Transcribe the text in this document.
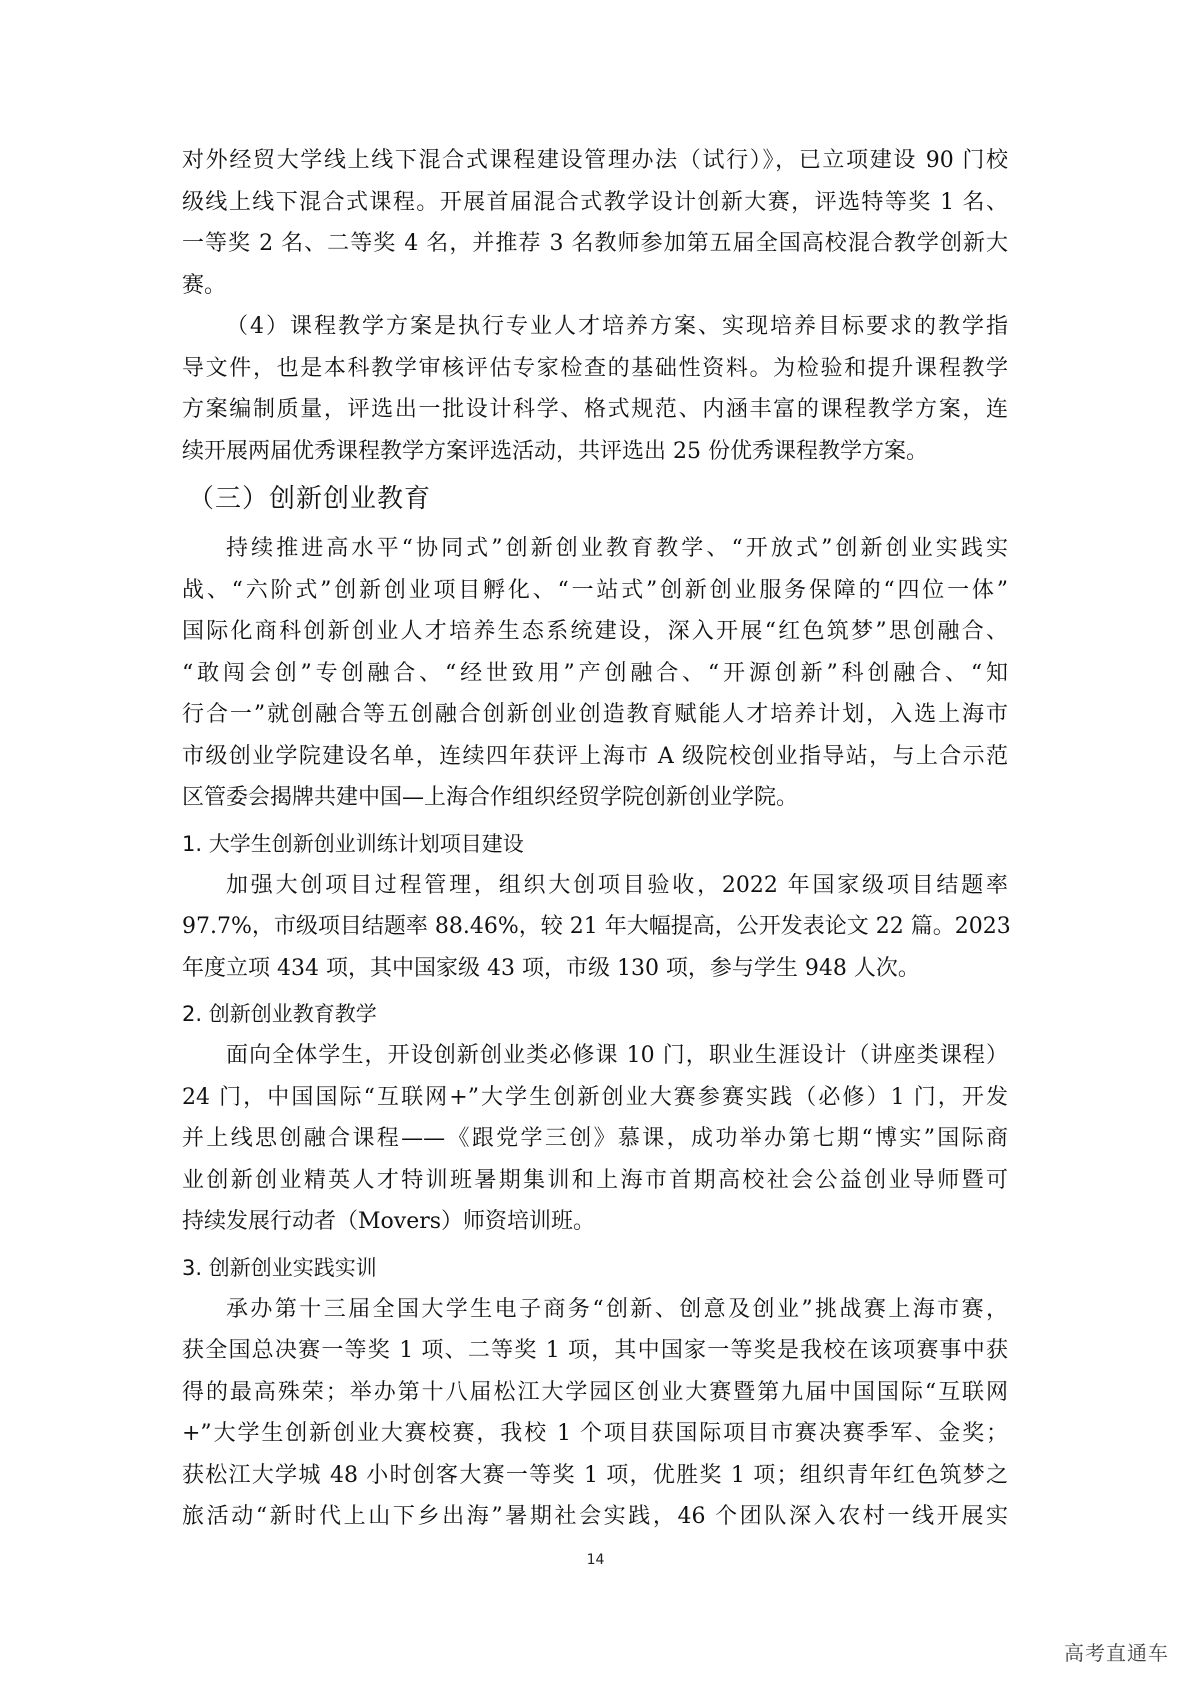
对外经贸大学线上线下混合式课程建设管理办法（试行）》，已立项建设 90 门校
级线上线下混合式课程。开展首届混合式教学设计创新大赛，评选特等奖 1 名、
一等奖 2 名、二等奖 4 名，并推荐 3 名教师参加第五届全国高校混合教学创新大
赛。

（4）课程教学方案是执行专业人才培养方案、实现培养目标要求的教学指
导文件，也是本科教学审核评估专家检查的基础性资料。为检验和提升课程教学
方案编制质量，评选出一批设计科学、格式规范、内涵丰富的课程教学方案，连
续开展两届优秀课程教学方案评选活动，共评选出 25 份优秀课程教学方案。

（三）创新创业教育

持续推进高水平“协同式”创新创业教育教学、“开放式”创新创业实践实
战、“六阶式”创新创业项目孵化、“一站式”创新创业服务保障的“四位一体”
国际化商科创新创业人才培养生态系统建设，深入开展“红色筑梦”思创融合、
“敢闯会创”专创融合、“经世致用”产创融合、“开源创新”科创融合、“知
行合一”就创融合等五创融合创新创业创造教育赋能人才培养计划，入选上海市
市级创业学院建设名单，连续四年获评上海市 A 级院校创业指导站，与上合示范
区管委会揭牌共建中国—上海合作组织经贸学院创新创业学院。

1. 大学生创新创业训练计划项目建设

加强大创项目过程管理，组织大创项目验收，2022 年国家级项目结题率
97.7%，市级项目结题率 88.46%，较 21 年大幅提高，公开发表论文 22 篇。2023
年度立项 434 项，其中国家级 43 项，市级 130 项，参与学生 948 人次。

2. 创新创业教育教学

面向全体学生，开设创新创业类必修课 10 门，职业生涯设计（讲座类课程）
24 门，中国国际“互联网+”大学生创新创业大赛参赛实践（必修）1 门，开发
并上线思创融合课程——《跟党学三创》慕课，成功举办第七期“博实”国际商
业创新创业精英人才特训班暑期集训和上海市首期高校社会公益创业导师暨可
持续发展行动者（Movers）师资培训班。

3. 创新创业实践实训

承办第十三届全国大学生电子商务“创新、创意及创业”挑战赛上海市赛，
获全国总决赛一等奖 1 项、二等奖 1 项，其中国家一等奖是我校在该项赛事中获
得的最高殊荣；举办第十八届松江大学园区创业大赛暨第九届中国国际“互联网
+”大学生创新创业大赛校赛，我校 1 个项目获国际项目市赛决赛季军、金奖；
获松江大学城 48 小时创客大赛一等奖 1 项，优胜奖 1 项；组织青年红色筑梦之
旅活动“新时代上山下乡出海”暑期社会实践，46 个团队深入农村一线开展实

14
高考直通车
